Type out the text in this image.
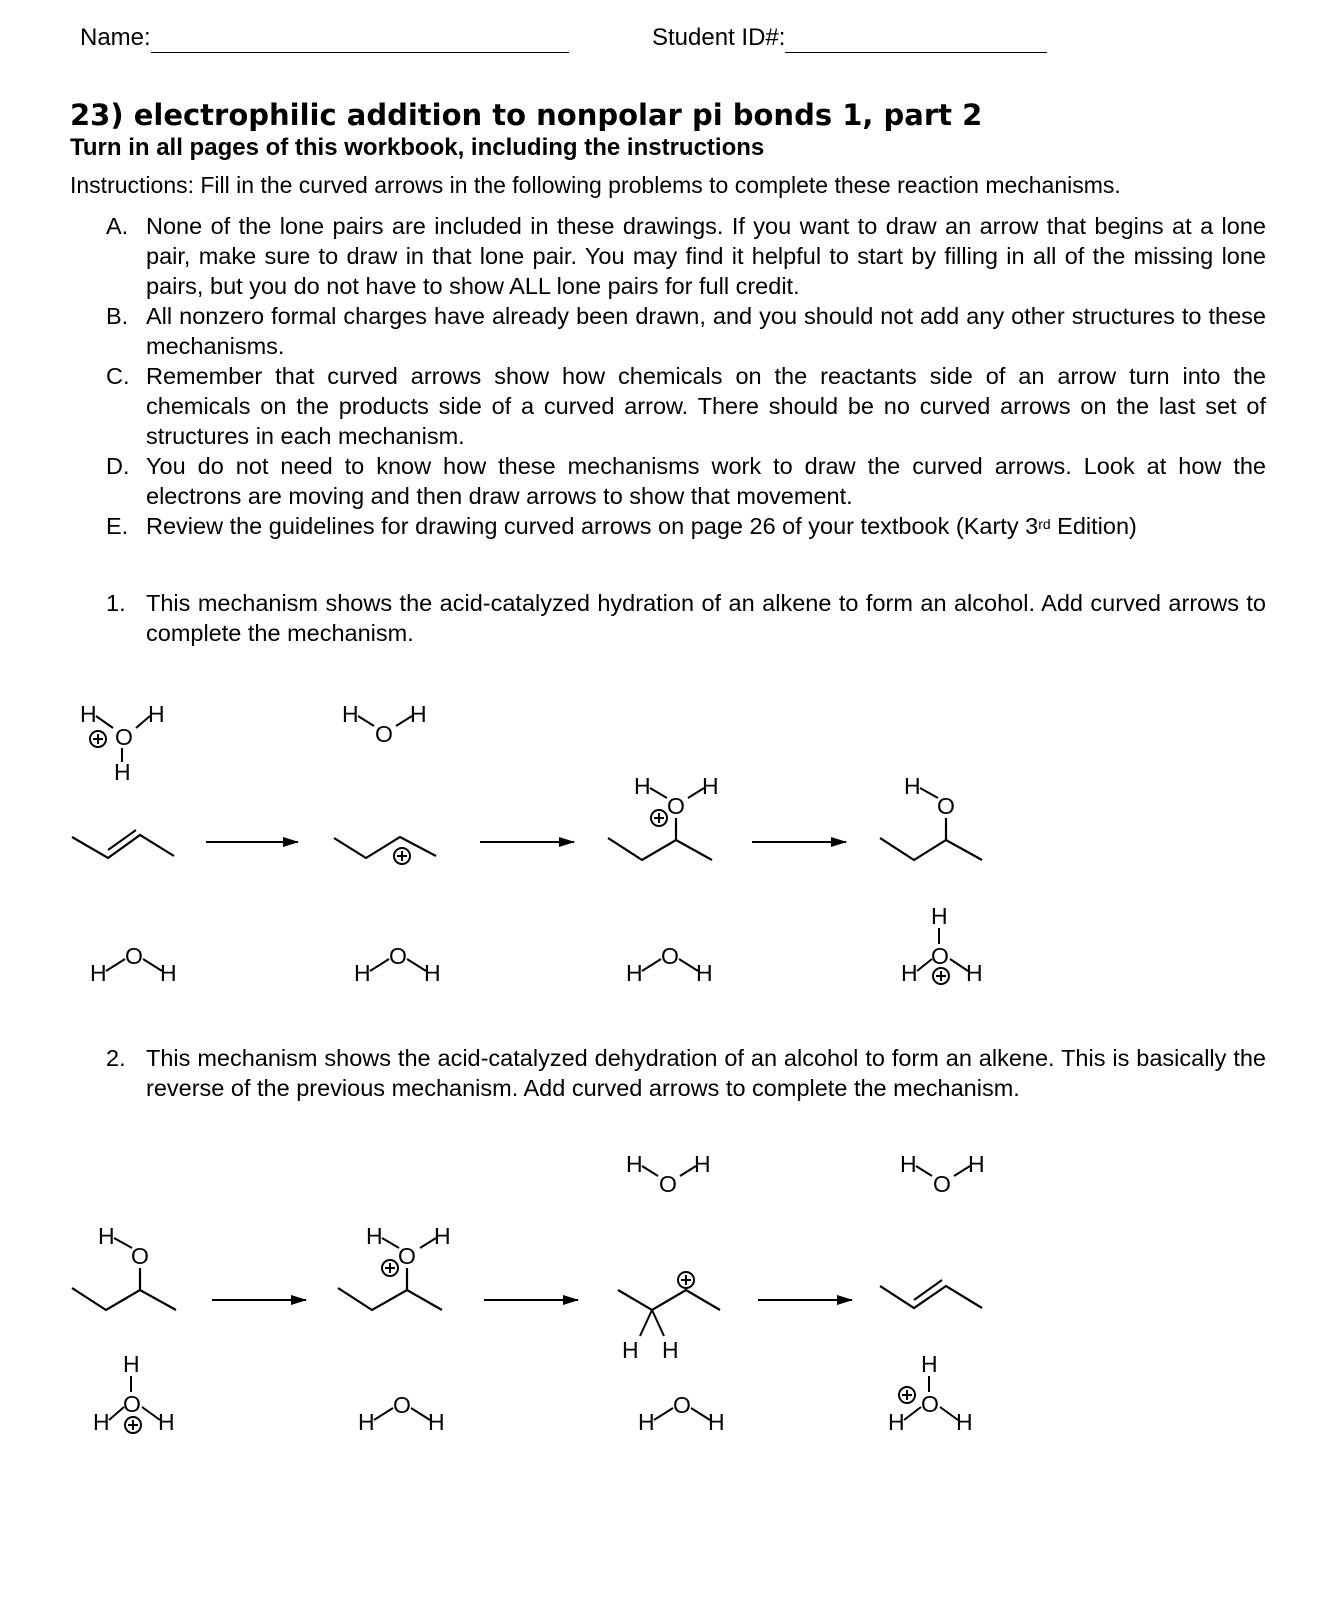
Name:	Student ID#:
23) electrophilic addition to nonpolar pi bonds 1, part 2
Turn in all pages of this workbook, including the instructions
Instructions: Fill in the curved arrows in the following problems to complete these reaction mechanisms.
A. None of the lone pairs are included in these drawings. If you want to draw an arrow that begins at a lone pair, make sure to draw in that lone pair. You may find it helpful to start by filling in all of the missing lone pairs, but you do not have to show ALL lone pairs for full credit.
B. All nonzero formal charges have already been drawn, and you should not add any other structures to these mechanisms.
C. Remember that curved arrows show how chemicals on the reactants side of an arrow turn into the chemicals on the products side of a curved arrow. There should be no curved arrows on the last set of structures in each mechanism.
D. You do not need to know how these mechanisms work to draw the curved arrows. Look at how the electrons are moving and then draw arrows to show that movement.
E. Review the guidelines for drawing curved arrows on page 26 of your textbook (Karty 3rd Edition)
1. This mechanism shows the acid-catalyzed hydration of an alkene to form an alcohol. Add curved arrows to complete the mechanism.
H H
O
H
H H
O
H H
O
H
O
H
O
H	H
O
H	H
O
H
H
O
H H
2. This mechanism shows the acid-catalyzed dehydration of an alcohol to form an alkene. This is basically the reverse of the previous mechanism. Add curved arrows to complete the mechanism.
H H
O
H H
O
H
O
H H
O
H H
H
O
H H	H
O
H	H
O
H
H
O
H H
